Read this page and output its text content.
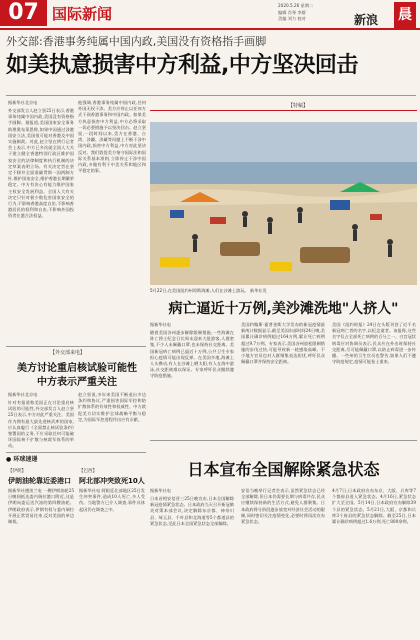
07 国际新闻	2020.5.26 星期二
编辑 肖琴 李群
美编 刘力 校对	新浪 晨
外交部:香港事务纯属中国内政,美国没有资格指手画脚
如美执意损害中方利益,中方坚决回击
据新华社北京电
外交部发言人赵立坚25日表示,香港事务纯属中国内政,美国没有资格指手画脚。据报道,美国国家安全事务助理奥布莱恩称,如果中国通过涉港国安立法,美国很可能对香港及中国实施制裁。对此,赵立坚在例行记者会上表示,中方已多次就全国人大关于建立健全香港特别行政区维护国家安全的法律制度和执行机制的决定草案表明立场。有关决定旨在坚定不移并全面准确贯彻一国两制方针,维护国家安全,维护香港长期繁荣稳定。中方有决心有能力维护国家主权安全发展利益。全国人大有关决定只针对极少数危害国家安全的行为,不影响香港高度自治,不影响香港居民的权利和自由,不影响外国投资者在港合法权益。
他强调,香港事务纯属中国内政,任何外国无权干涉。美方应停止以任何方式干预香港事务和中国内政。如果美方执意损害中方利益,中方必将采取一切必要措施予以坚决回击。赵立坚说,一段时间以来,美方在香港、台湾、涉疆、涉藏等问题上不断干涉中国内政,损害中方利益,中方对此坚决反对。我们敦促美方恪守国际法和国际关系基本准则,立即停止干涉中国内政,多做有利于中美关系和地区和平稳定的事。
【特稿】
5月22日,在美国纽约州琼斯海滩,人们在沙滩上游玩。 新华社发
病亡逼近十万例,美沙滩洗地"人挤人"
据新华社电
随着美国各州逐步解除限制措施,一些海滩在阵亡将士纪念日长周末迎来大批游客,人群密集,不少人未佩戴口罩,也未保持社交距离。美国新冠病亡病例已逼近十万例,公共卫生专家担心疫情可能出现反弹。在美国多地,海滩上人头攒动,有人在沙滩上晒太阳,有人在海中游泳,社交距离难以保证。专家呼吁民众继续遵守防疫措施。
美国约翰斯·霍普金斯大学发布的新冠疫情最新统计数据显示,截至美国东部时间24日晚,美国累计确诊病例超过164万例,累计死亡病例超过9.7万例。专家表示,美国各州放松限制措施的步伐过快,可能导致新一轮感染高峰。不少地方官员也对人群聚集表达担忧,呼吁民众佩戴口罩并保持安全距离。
美国《纽约时报》24日在头版刊登了近千名新冠病亡者的名字,以纪念逝者。该报称,这些名字仅占全部死亡病例的百分之一。白宫冠状病毒应对协调员表示,民众应在外出时保持社交距离,尽可能佩戴口罩,以防止病毒进一步传播。一些州的卫生官员也警告,如果人们不遵守防疫规定,疫情可能卷土重来。
【外交部来电】
美方讨论重启核试验可能性
中方表示严重关注
据新华社北京电
针对有报道称美国正在讨论重启核试验的可能性,外交部发言人赵立坚25日表示,中方对此严重关注。美国作为拥有最大最先进核武库的国家,应认真履行《全面禁止核试验条约》签署国的义务,不应采取任何可能破坏国际核不扩散与核裁军体系的举动。
赵立坚说,多年来美国不断退出多边条约和协议,严重损害国际军控和防扩散体系的有效性和权威性。中方敦促美方切实维护全球战略平衡与稳定,为国际军控进程作出应有贡献。
● 环球速递
【伊朗】
伊朗油轮靠近委港口
据新华社德黑兰电 一艘伊朗油轮25日晚间抵达委内瑞拉港口附近,这是伊朗向委运送汽油的第四艘油轮。伊朗政府表示,伊朗有权与委内瑞拉开展正常贸易往来,反对美国的单边制裁。
【巴西】
阿北部冲突致死10人
据新华社电 阿根廷北部地区25日发生冲突事件,造成10人死亡,多人受伤。当地警方已介入调查,事件具体起因仍在调查之中。
日本宣布全国解除紧急状态
据新华社电
日本首相安倍晋三25日晚宣布,日本全国解除新冠疫情紧急状态。日本政府当天召开新冠肺炎对策本部会议,决定解除东京都、神奈川县、埼玉县、千叶县和北海道等5个都道县的紧急状态,至此日本全国紧急状态全部解除。
安倍当晚举行记者会表示,虽然紧急状态已经全部解除,但日本仍需要长期与病毒共存,民众应继续保持新的生活方式,避免人群聚集。日本政府将分阶段逐步放宽对经济社会活动的限制,同时密切关注疫情变化,必要时将再次宣布紧急状态。
4月7日,日本政府宣布东京、大阪、兵库等7个都府县进入紧急状态。4月16日,紧急状态扩大至全国。5月14日,日本政府宣布解除39个县的紧急状态。5月21日,大阪、京都和兵库3个府县的紧急状态解除。截至25日,日本累计确诊病例超过1.6万例,死亡800余例。
